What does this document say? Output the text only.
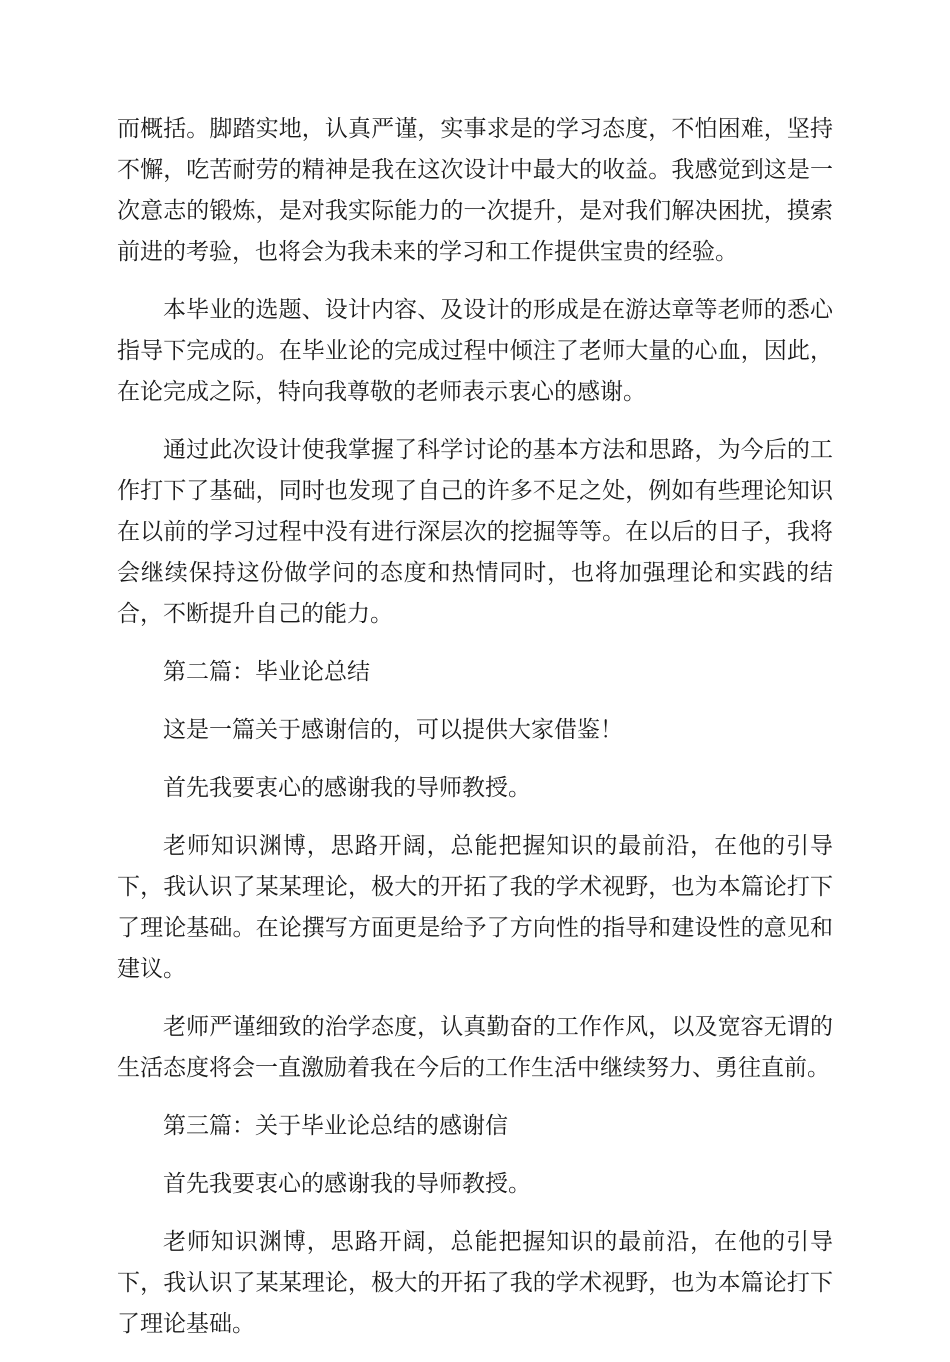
而概括。脚踏实地，认真严谨，实事求是的学习态度，不怕困难，坚持不懈，吃苦耐劳的精神是我在这次设计中最大的收益。我感觉到这是一次意志的锻炼，是对我实际能力的一次提升，是对我们解决困扰，摸索前进的考验，也将会为我未来的学习和工作提供宝贵的经验。

本毕业的选题、设计内容、及设计的形成是在游达章等老师的悉心指导下完成的。在毕业论的完成过程中倾注了老师大量的心血，因此，在论完成之际，特向我尊敬的老师表示衷心的感谢。

通过此次设计使我掌握了科学讨论的基本方法和思路，为今后的工作打下了基础，同时也发现了自己的许多不足之处，例如有些理论知识在以前的学习过程中没有进行深层次的挖掘等等。在以后的日子，我将会继续保持这份做学问的态度和热情同时，也将加强理论和实践的结合，不断提升自己的能力。

第二篇：毕业论总结

这是一篇关于感谢信的，可以提供大家借鉴！

首先我要衷心的感谢我的导师教授。

老师知识渊博，思路开阔，总能把握知识的最前沿，在他的引导下，我认识了某某理论，极大的开拓了我的学术视野，也为本篇论打下了理论基础。在论撰写方面更是给予了方向性的指导和建设性的意见和建议。

老师严谨细致的治学态度，认真勤奋的工作作风，以及宽容无谓的生活态度将会一直激励着我在今后的工作生活中继续努力、勇往直前。

第三篇：关于毕业论总结的感谢信

首先我要衷心的感谢我的导师教授。

老师知识渊博，思路开阔，总能把握知识的最前沿，在他的引导下，我认识了某某理论，极大的开拓了我的学术视野，也为本篇论打下了理论基础。
